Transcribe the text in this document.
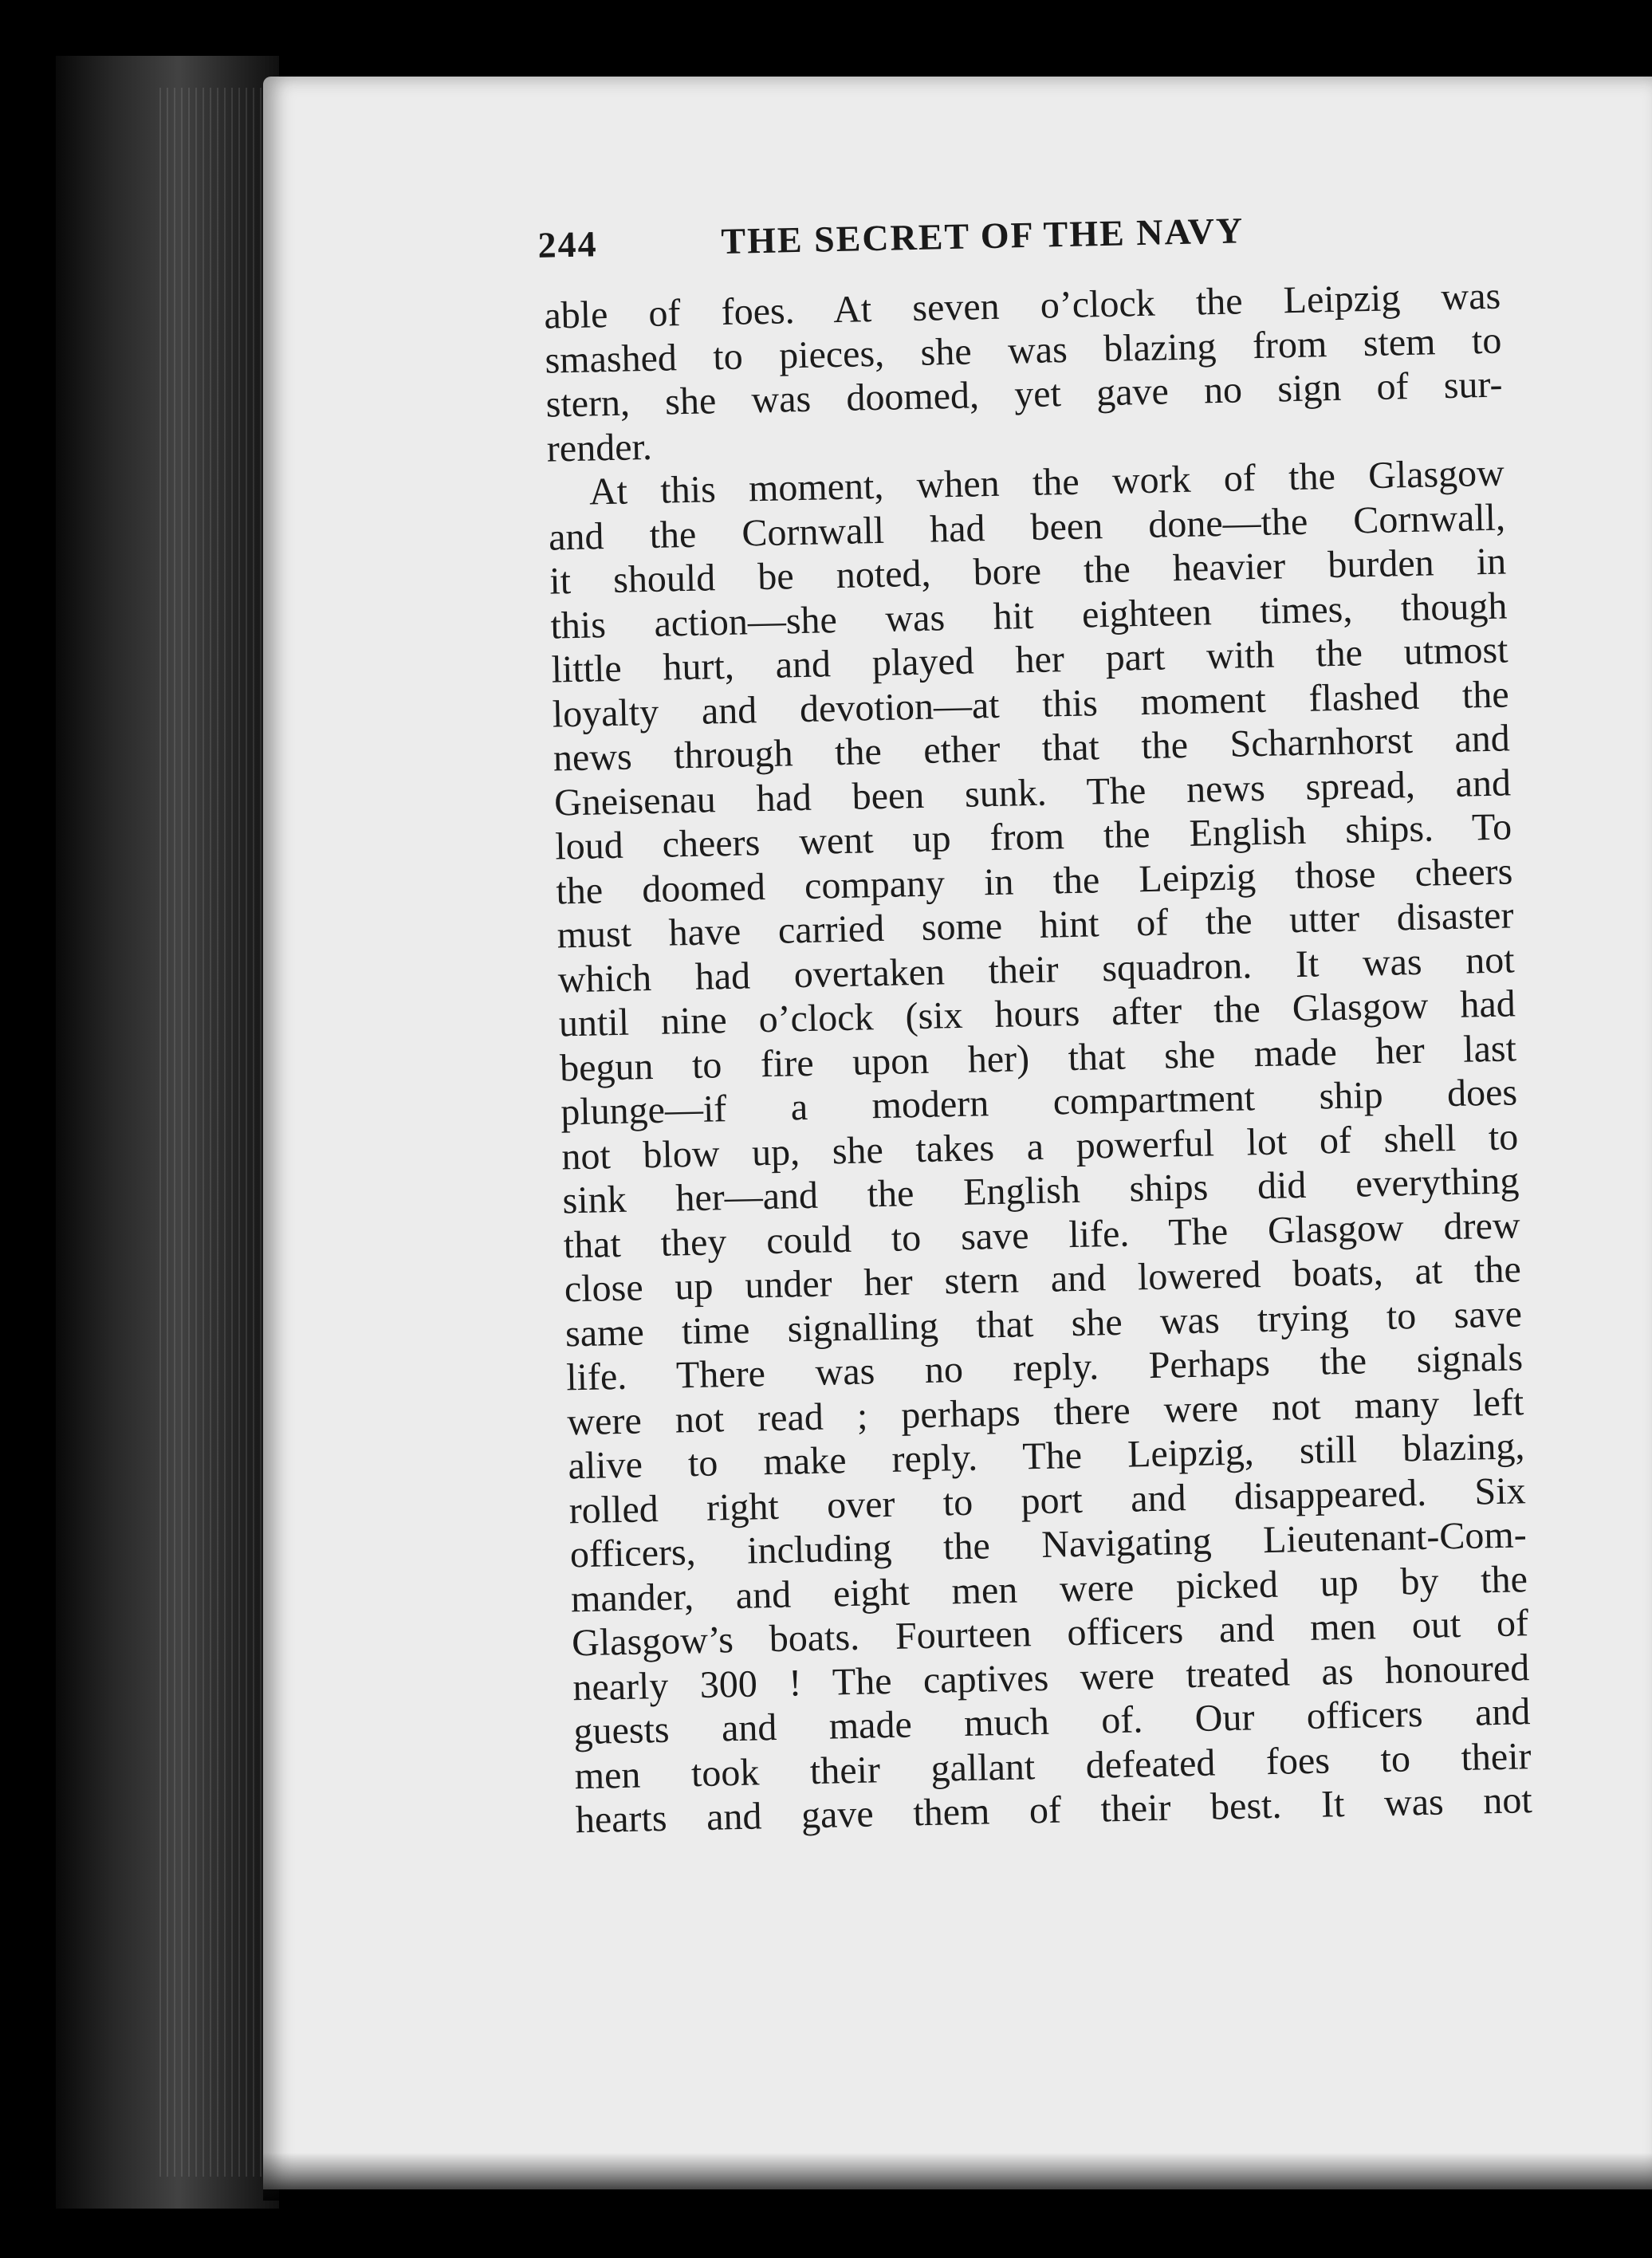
244	THE SECRET OF THE NAVY
able of foes. At seven o’clock the Leipzig was
smashed to pieces, she was blazing from stem to
stern, she was doomed, yet gave no sign of sur-
render.
At this moment, when the work of the Glasgow
and the Cornwall had been done—the Cornwall,
it should be noted, bore the heavier burden in
this action—she was hit eighteen times, though
little hurt, and played her part with the utmost
loyalty and devotion—at this moment flashed the
news through the ether that the Scharnhorst and
Gneisenau had been sunk. The news spread, and
loud cheers went up from the English ships. To
the doomed company in the Leipzig those cheers
must have carried some hint of the utter disaster
which had overtaken their squadron. It was not
until nine o’clock (six hours after the Glasgow had
begun to fire upon her) that she made her last
plunge—if a modern compartment ship does
not blow up, she takes a powerful lot of shell to
sink her—and the English ships did everything
that they could to save life. The Glasgow drew
close up under her stern and lowered boats, at the
same time signalling that she was trying to save
life. There was no reply. Perhaps the signals
were not read ; perhaps there were not many left
alive to make reply. The Leipzig, still blazing,
rolled right over to port and disappeared. Six
officers, including the Navigating Lieutenant-Com-
mander, and eight men were picked up by the
Glasgow’s boats. Fourteen officers and men out of
nearly 300 ! The captives were treated as honoured
guests and made much of. Our officers and
men took their gallant defeated foes to their
hearts and gave them of their best. It was not
